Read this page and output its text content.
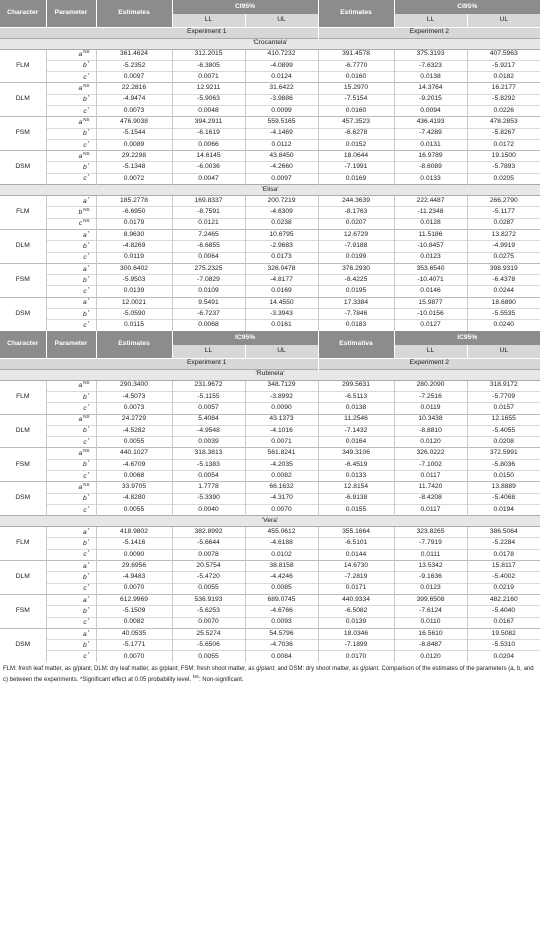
Character	Parameter	Estimates	CI95%		Estimates	CI95%	
			LL	UL		LL	UL
		Experiment 1			Experiment 2		
'Crocantela'							
FLM	$a^{NS}$	361.4624	312.2015	410.7232	391.4578	375.3193	407.5963
	b*	-5.2352	-6.3805	-4.0899	-6.7770	-7.6323	-5.9217
	c*	0.0097	0.0071	0.0124	0.0160	0.0138	0.0182
DLM	$a^{NS}$	22.2816	12.9211	31.6422	15.2970	14.3764	16.2177
	b*	-4.9474	-5.9063	-3.9886	-7.5154	-9.2015	-5.8292
	c*	0.0073	0.0048	0.0099	0.0160	0.0094	0.0226
FSM	$a^{NS}$	476.9038	394.2911	559.5165	457.3523	436.4193	478.2853
	b*	-5.1544	-6.1619	-4.1469	-6.6278	-7.4289	-5.8267
	c*	0.0089	0.0066	0.0112	0.0152	0.0131	0.0172
DSM	$a^{NS}$	29.2298	14.6145	43.8450	18.0644	16.9789	19.1500
	b*	-5.1348	-6.0036	-4.2660	-7.1991	-8.6089	-5.7893
	c*	0.0072	0.0047	0.0097	0.0169	0.0133	0.0205
'Elisa'							
FLM	a*	185.2778	169.8337	200.7219	244.3639	222.4487	266.2790
	$b^{NS}$	-6.6950	-8.7591	-4.6309	-8.1763	-11.2348	-5.1177
	$c^{NS}$	0.0179	0.0121	0.0238	0.0207	0.0128	0.0287
DLM	a*	8.9630	7.2465	10.6795	12.6729	11.5186	13.8272
	b*	-4.8269	-6.6855	-2.9683	-7.9188	-10.8457	-4.9919
	c*	0.0119	0.0064	0.0173	0.0199	0.0123	0.0275
FSM	a*	300.6402	275.2325	326.0478	376.2930	353.6540	398.9319
	b*	-5.9503	-7.0829	-4.8177	-8.4225	-10.4071	-6.4378
	c*	0.0139	0.0109	0.0169	0.0195	0.0146	0.0244
DSM	a*	12.0021	9.5491	14.4550	17.3384	15.9877	18.6890
	b*	-5.0590	-6.7237	-3.3943	-7.7846	-10.0156	-5.5535
	c*	0.0115	0.0068	0.0161	0.0183	0.0127	0.0240
Character	Parameter	Estimates	IC95%		Estimativa	IC95%	
			LL	UL		LL	UL
		Experiment 1			Experiment 2		
'Rubinela'							
FLM	$a^{NS}$	290.3400	231.9672	348.7129	299.5631	280.2090	318.9172
	b*	-4.5073	-5.1155	-3.8992	-6.5113	-7.2516	-5.7709
	c*	0.0073	0.0057	0.0090	0.0138	0.0119	0.0157
DLM	$a^{NS}$	24.2729	5.4084	43.1373	11.2546	10.3438	12.1655
	b*	-4.5282	-4.9548	-4.1016	-7.1432	-8.8810	-5.4055
	c*	0.0055	0.0039	0.0071	0.0164	0.0120	0.0208
FSM	$a^{NS}$	440.1027	318.3813	561.8241	349.3106	326.0222	372.5991
	b*	-4.6709	-5.1383	-4.2035	-6.4519	-7.1002	-5.8036
	c*	0.0068	0.0054	0.0082	0.0133	0.0117	0.0150
DSM	$a^{NS}$	33.9705	1.7778	66.1632	12.8154	11.7420	13.8889
	b*	-4.8280	-5.3390	-4.3170	-6.9138	-8.4208	-5.4068
	c*	0.0055	0.0040	0.0070	0.0155	0.0117	0.0194
'Vera'							
FLM	a*	418.9802	382.8992	455.0612	355.1664	323.8265	386.5064
	b*	-5.1416	-5.6644	-4.6188	-6.5101	-7.7919	-5.2284
	c*	0.0090	0.0078	0.0102	0.0144	0.0111	0.0178
DLM	a*	29.6956	20.5754	38.8158	14.6730	13.5342	15.8117
	b*	-4.9483	-5.4720	-4.4246	-7.2819	-9.1636	-5.4002
	c*	0.0070	0.0055	0.0085	0.0171	0.0123	0.0219
FSM	a*	612.9969	536.9193	689.0745	440.9334	399.6508	482.2160
	b*	-5.1509	-5.6253	-4.6766	-6.5082	-7.6124	-5.4040
	c*	0.0082	0.0070	0.0093	0.0139	0.0110	0.0167
DSM	a*	40.0535	25.5274	54.5796	18.0346	16.5610	19.5082
	b*	-5.1771	-5.6506	-4.7036	-7.1899	-8.8487	-5.5310
	c*	0.0070	0.0055	0.0084	0.0170	0.0120	0.0204
FLM: fresh leaf matter, as g/plant; DLM: dry leaf matter, as g/plant; FSM: fresh shoot matter, as g/plant; and DSM: dry shoot matter, as g/plant. Comparison of the estimates of the parameters (a, b, and c) between the experiments. *Significant effect at 0.05 probability level. $^{NS}$: Non-significant.
